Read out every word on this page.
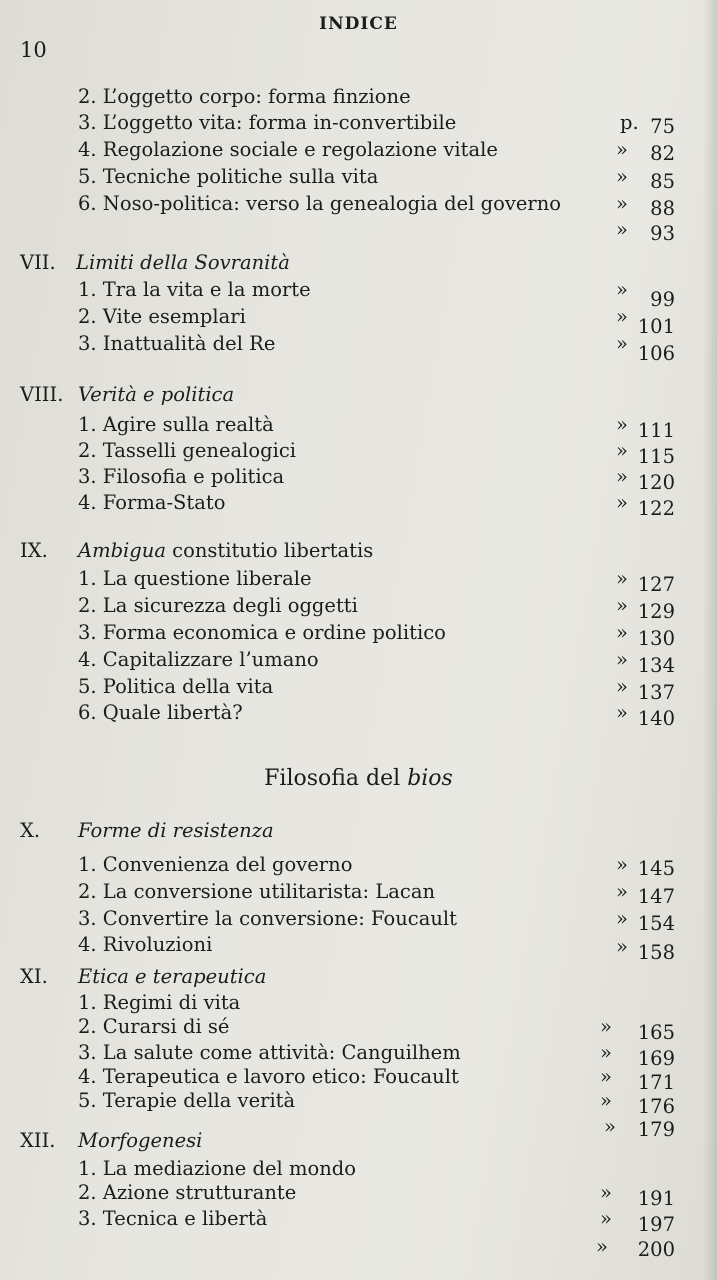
INDICE
10
2. L’oggetto corpo: forma finzione
3. L’oggetto vita: forma in-convertibile	p. 75
4. Regolazione sociale e regolazione vitale	» 82
5. Tecniche politiche sulla vita	» 85
6. Noso-politica: verso la genealogia del governo	» 88
» 93
VII. Limiti della Sovranità
1. Tra la vita e la morte	» 99
2. Vite esemplari	» 101
3. Inattualità del Re	» 106
VIII. Verità e politica
1. Agire sulla realtà	» 111
2. Tasselli genealogici	» 115
3. Filosofia e politica	» 120
4. Forma-Stato	» 122
IX. Ambigua constitutio libertatis
1. La questione liberale	» 127
2. La sicurezza degli oggetti	» 129
3. Forma economica e ordine politico	» 130
4. Capitalizzare l’umano	» 134
5. Politica della vita	» 137
6. Quale libertà?	» 140
Filosofia del bios
X. Forme di resistenza
1. Convenienza del governo	» 145
2. La conversione utilitarista: Lacan	» 147
3. Convertire la conversione: Foucault	» 154
4. Rivoluzioni	» 158
XI. Etica e terapeutica
1. Regimi di vita
2. Curarsi di sé	» 165
3. La salute come attività: Canguilhem	» 169
4. Terapeutica e lavoro etico: Foucault	» 171
5. Terapie della verità	» 176
» 179
XII. Morfogenesi
1. La mediazione del mondo
2. Azione strutturante	» 191
3. Tecnica e libertà	» 197
» 200
